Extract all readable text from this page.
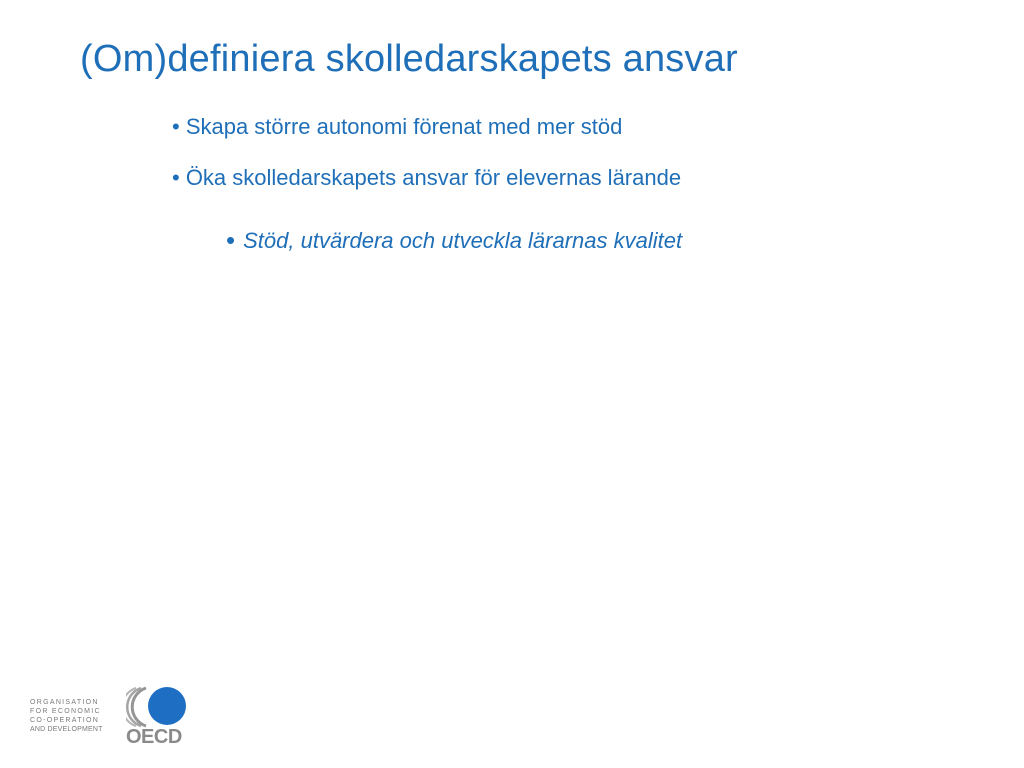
(Om)definiera skolledarskapets ansvar
• Skapa större autonomi förenat med mer stöd
• Öka skolledarskapets ansvar för elevernas lärande
• Stöd, utvärdera och utveckla lärarnas kvalitet
ORGANISATION
FOR ECONOMIC
CO-OPERATION
AND DEVELOPMENT OECD
